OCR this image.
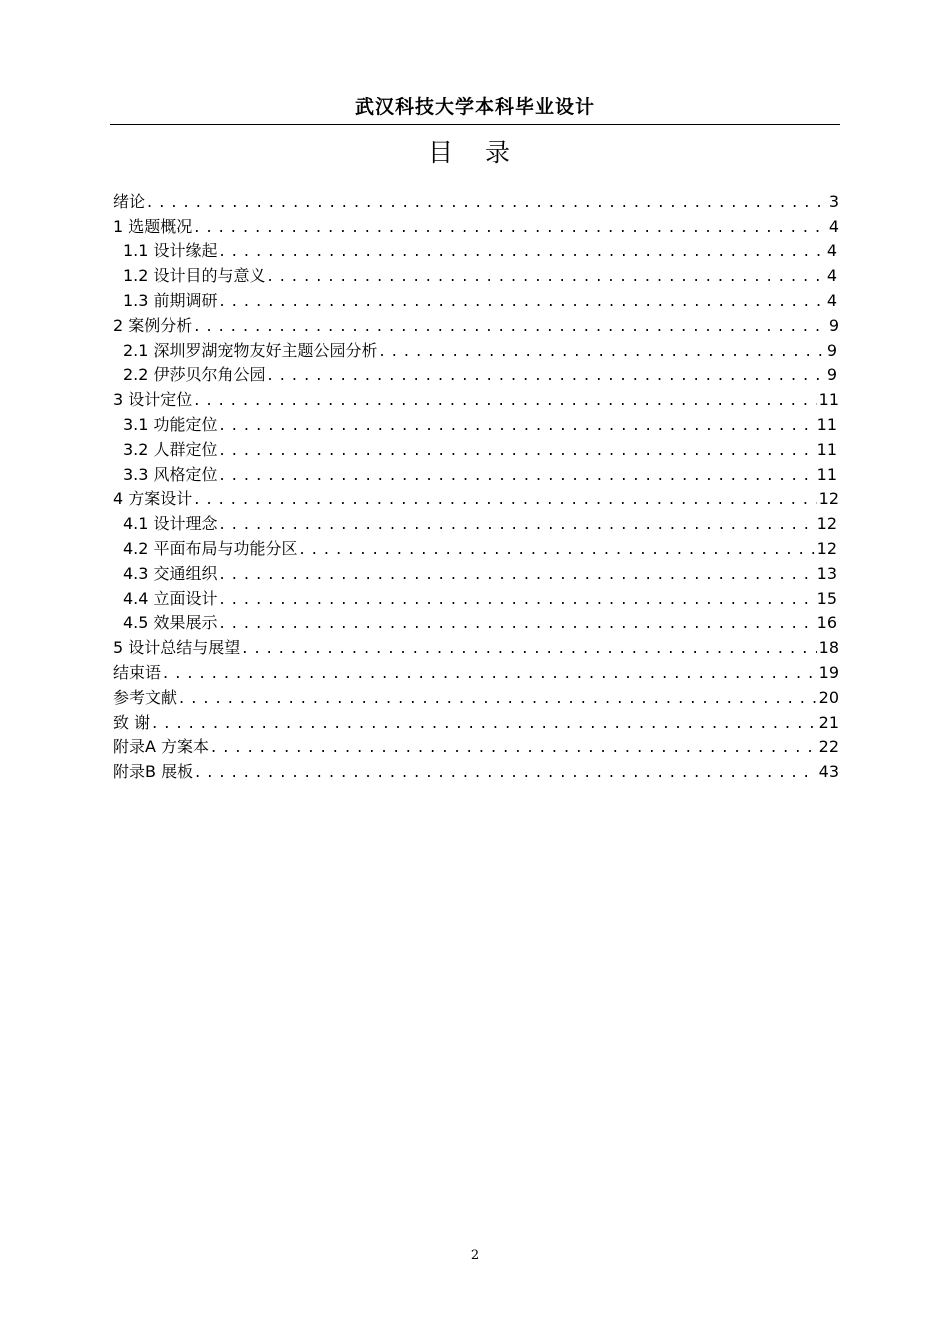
武汉科技大学本科毕业设计
目 录
绪论 . . .	3
1 选题概况 . . .	4
1.1 设计缘起 . . .	4
1.2 设计目的与意义 . . .	4
1.3 前期调研 . . .	4
2 案例分析 . . .	9
2.1 深圳罗湖宠物友好主题公园分析 . . .	9
2.2 伊莎贝尔角公园 . . .	9
3 设计定位 . . .	11
3.1 功能定位 . . .	11
3.2 人群定位 . . .	11
3.3 风格定位 . . .	11
4 方案设计 . . .	12
4.1 设计理念 . . .	12
4.2 平面布局与功能分区 . . .	12
4.3 交通组织 . . .	13
4.4 立面设计 . . .	15
4.5 效果展示 . . .	16
5 设计总结与展望 . . .	18
结束语 . . .	19
参考文献 . . .	20
致 谢 . . .	21
附录A 方案本 . . .	22
附录B 展板 . . .	43
2
